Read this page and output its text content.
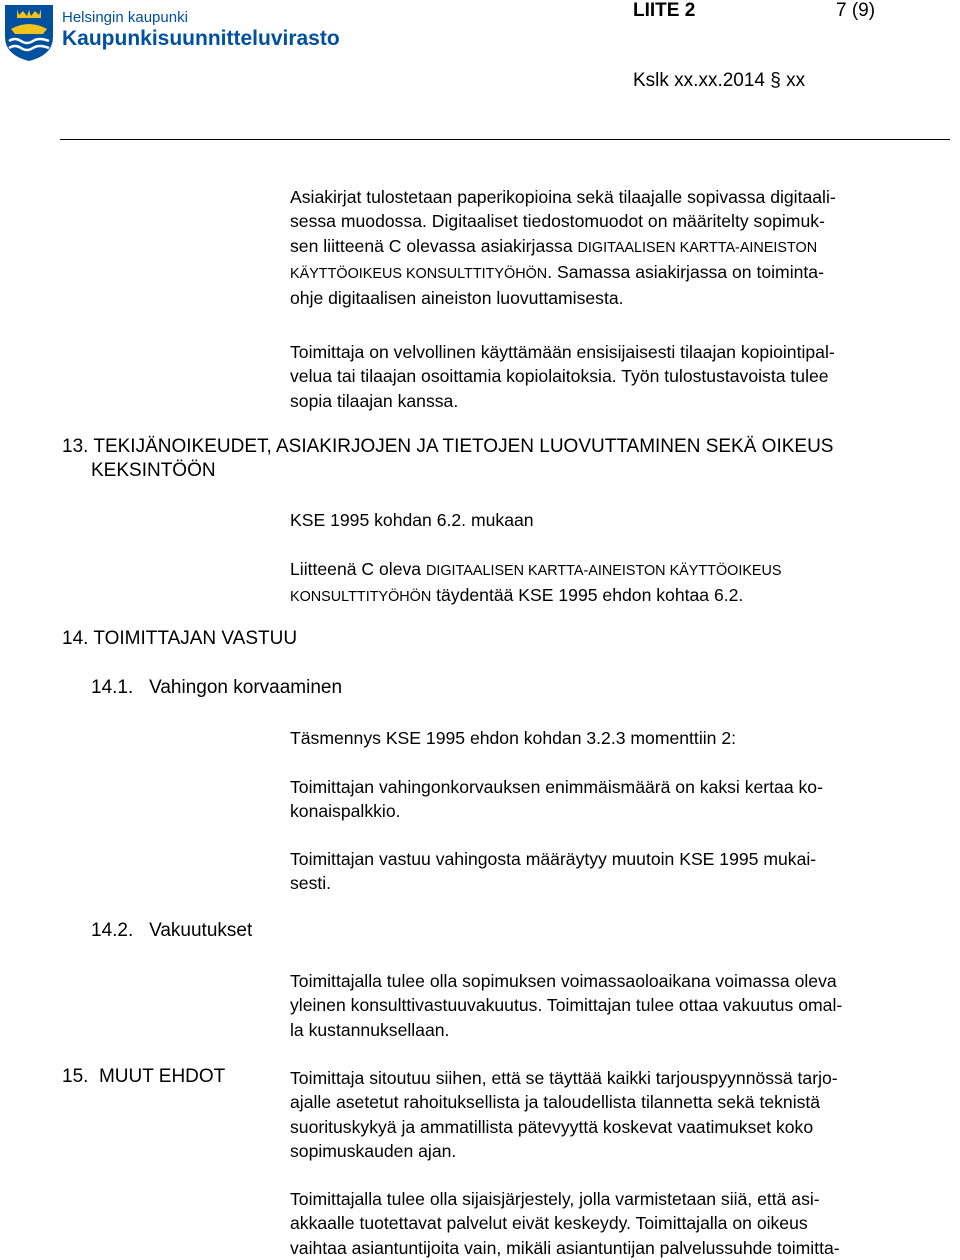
Helsingin kaupunki
Kaupunkisuunnitteluvirasto
LIITE 2	7 (9)
Kslk xx.xx.2014 § xx
Asiakirjat tulostetaan paperikopioina sekä tilaajalle sopivassa digitaali-
sessa muodossa. Digitaaliset tiedostomuodot on määritelty sopimuk-
sen liitteenä C olevassa asiakirjassa DIGITAALISEN KARTTA-AINEISTON
KÄYTTÖOIKEUS KONSULTTITYÖHÖN. Samassa asiakirjassa on toiminta-
ohje digitaalisen aineiston luovuttamisesta.
Toimittaja on velvollinen käyttämään ensisijaisesti tilaajan kopiointipal-
velua tai tilaajan osoittamia kopiolaitoksia. Työn tulostustavoista tulee
sopia tilaajan kanssa.
13. TEKIJÄNOIKEUDET, ASIAKIRJOJEN JA TIETOJEN LUOVUTTAMINEN SEKÄ OIKEUS
KEKSINTÖÖN
KSE 1995 kohdan 6.2. mukaan
Liitteenä C oleva DIGITAALISEN KARTTA-AINEISTON KÄYTTÖOIKEUS
KONSULTTITYÖHÖN täydentää KSE 1995 ehdon kohtaa 6.2.
14. TOIMITTAJAN VASTUU
14.1.   Vahingon korvaaminen
Täsmennys KSE 1995 ehdon kohdan 3.2.3 momenttiin 2:
Toimittajan vahingonkorvauksen enimmäismäärä on kaksi kertaa ko-
konaispalkkio.
Toimittajan vastuu vahingosta määräytyy muutoin KSE 1995 mukai-
sesti.
14.2.   Vakuutukset
Toimittajalla tulee olla sopimuksen voimassaoloaikana voimassa oleva
yleinen konsulttivastuuvakuutus. Toimittajan tulee ottaa vakuutus omal-
la kustannuksellaan.
15.  MUUT EHDOT	Toimittaja sitoutuu siihen, että se täyttää kaikki tarjouspyynnössä tarjo-
ajalle asetetut rahoituksellista ja taloudellista tilannetta sekä teknistä
suorituskykyä ja ammatillista pätevyyttä koskevat vaatimukset koko
sopimuskauden ajan.
Toimittajalla tulee olla sijaisjärjestely, jolla varmistetaan siiä, että asi-
akkaalle tuotettavat palvelut eivät keskeydy. Toimittajalla on oikeus
vaihtaa asiantuntijoita vain, mikäli asiantuntijan palvelussuhde toimitta-
